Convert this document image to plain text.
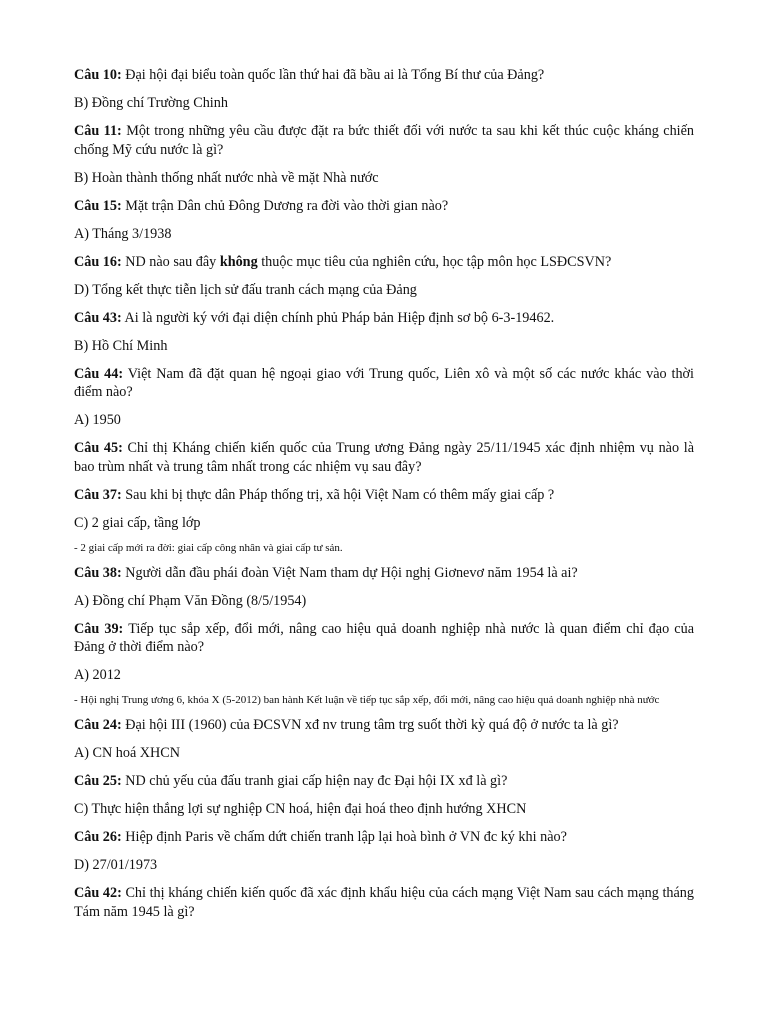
Câu 10: Đại hội đại biểu toàn quốc lần thứ hai đã bầu ai là Tổng Bí thư của Đảng?

B) Đồng chí Trường Chinh

Câu 11: Một trong những yêu cầu được đặt ra bức thiết đối với nước ta sau khi kết thúc cuộc kháng chiến chống Mỹ cứu nước là gì?

B) Hoàn thành thống nhất nước nhà về mặt Nhà nước

Câu 15: Mặt trận Dân chủ Đông Dương ra đời vào thời gian nào?

A) Tháng 3/1938

Câu 16: ND nào sau đây không thuộc mục tiêu của nghiên cứu, học tập môn học LSĐCSVN?

D) Tổng kết thực tiễn lịch sử đấu tranh cách mạng của Đảng

Câu 43: Ai là người ký với đại diện chính phủ Pháp bản Hiệp định sơ bộ 6-3-19462.

B) Hồ Chí Minh

Câu 44: Việt Nam đã đặt quan hệ ngoại giao với Trung quốc, Liên xô và một số các nước khác vào thời điểm nào?

A) 1950

Câu 45: Chỉ thị Kháng chiến kiến quốc của Trung ương Đảng ngày 25/11/1945 xác định nhiệm vụ nào là bao trùm nhất và trung tâm nhất trong các nhiệm vụ sau đây?

Câu 37: Sau khi bị thực dân Pháp thống trị, xã hội Việt Nam có thêm mấy giai cấp ?

C) 2 giai cấp, tầng lớp

- 2 giai cấp mới ra đời: giai cấp công nhân và giai cấp tư sản.

Câu 38: Người dẫn đầu phái đoàn Việt Nam tham dự Hội nghị Giơnevơ năm 1954 là ai?

A) Đồng chí Phạm Văn Đồng (8/5/1954)

Câu 39: Tiếp tục sắp xếp, đổi mới, nâng cao hiệu quả doanh nghiệp nhà nước là quan điểm chỉ đạo của Đảng ở thời điểm nào?

A) 2012

- Hội nghị Trung ương 6, khóa X (5-2012) ban hành Kết luận về tiếp tục sắp xếp, đổi mới, nâng cao hiệu quả doanh nghiệp nhà nước

Câu 24: Đại hội III (1960) của ĐCSVN xđ nv trung tâm trg suốt thời kỳ quá độ ở nước ta là gì?

A) CN hoá XHCN

Câu 25: ND chủ yếu của đấu tranh giai cấp hiện nay đc Đại hội IX xđ là gì?

C) Thực hiện thắng lợi sự nghiệp CN hoá, hiện đại hoá theo định hướng XHCN

Câu 26: Hiệp định Paris về chấm dứt chiến tranh lập lại hoà bình ở VN đc ký khi nào?

D) 27/01/1973

Câu 42: Chỉ thị kháng chiến kiến quốc đã xác định khẩu hiệu của cách mạng Việt Nam sau cách mạng tháng Tám năm 1945 là gì?
